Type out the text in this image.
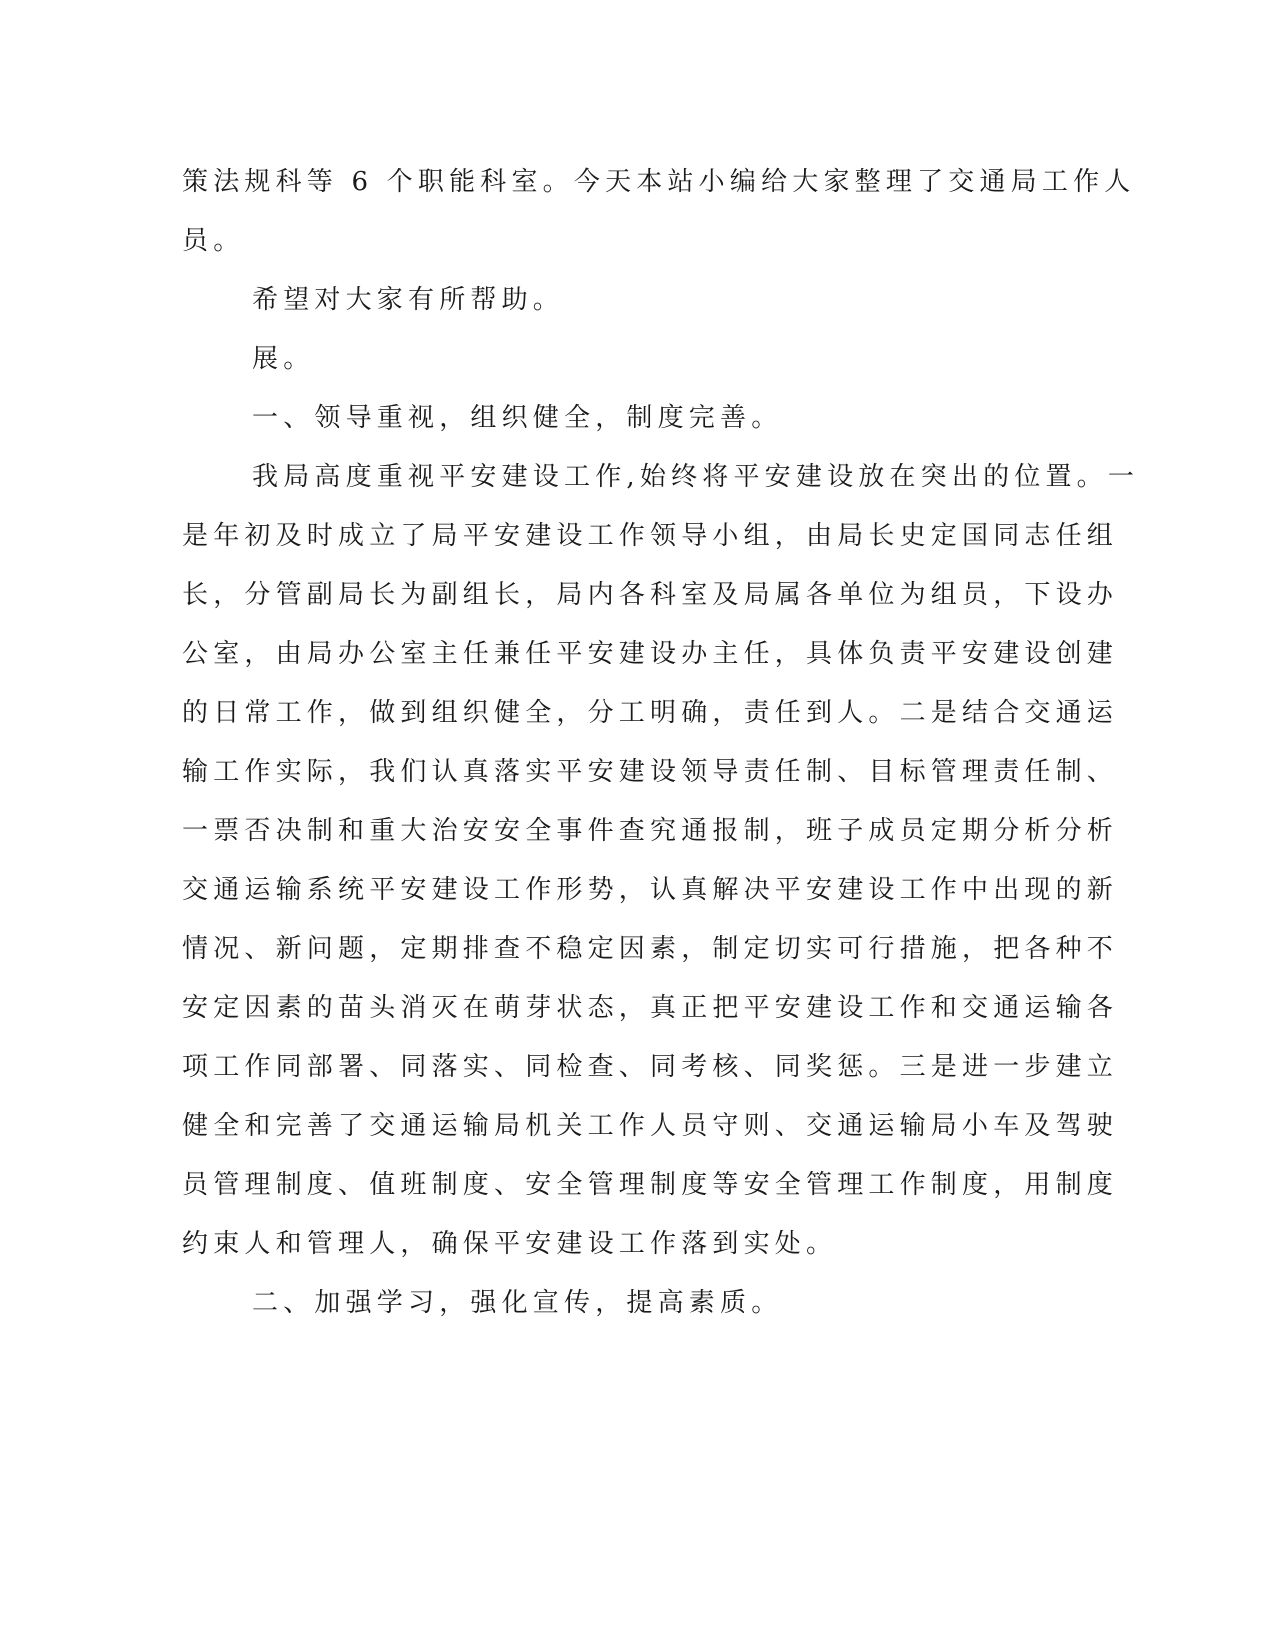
策法规科等 6 个职能科室。今天本站小编给大家整理了交通局工作人
员。

希望对大家有所帮助。

展。

一、领导重视，组织健全，制度完善。

我局高度重视平安建设工作,始终将平安建设放在突出的位置。一
是年初及时成立了局平安建设工作领导小组，由局长史定国同志任组
长，分管副局长为副组长，局内各科室及局属各单位为组员，下设办
公室，由局办公室主任兼任平安建设办主任，具体负责平安建设创建
的日常工作，做到组织健全，分工明确，责任到人。二是结合交通运
输工作实际，我们认真落实平安建设领导责任制、目标管理责任制、
一票否决制和重大治安安全事件查究通报制，班子成员定期分析分析
交通运输系统平安建设工作形势，认真解决平安建设工作中出现的新
情况、新问题，定期排查不稳定因素，制定切实可行措施，把各种不
安定因素的苗头消灭在萌芽状态，真正把平安建设工作和交通运输各
项工作同部署、同落实、同检查、同考核、同奖惩。三是进一步建立
健全和完善了交通运输局机关工作人员守则、交通运输局小车及驾驶
员管理制度、值班制度、安全管理制度等安全管理工作制度，用制度
约束人和管理人，确保平安建设工作落到实处。

二、加强学习，强化宣传，提高素质。
